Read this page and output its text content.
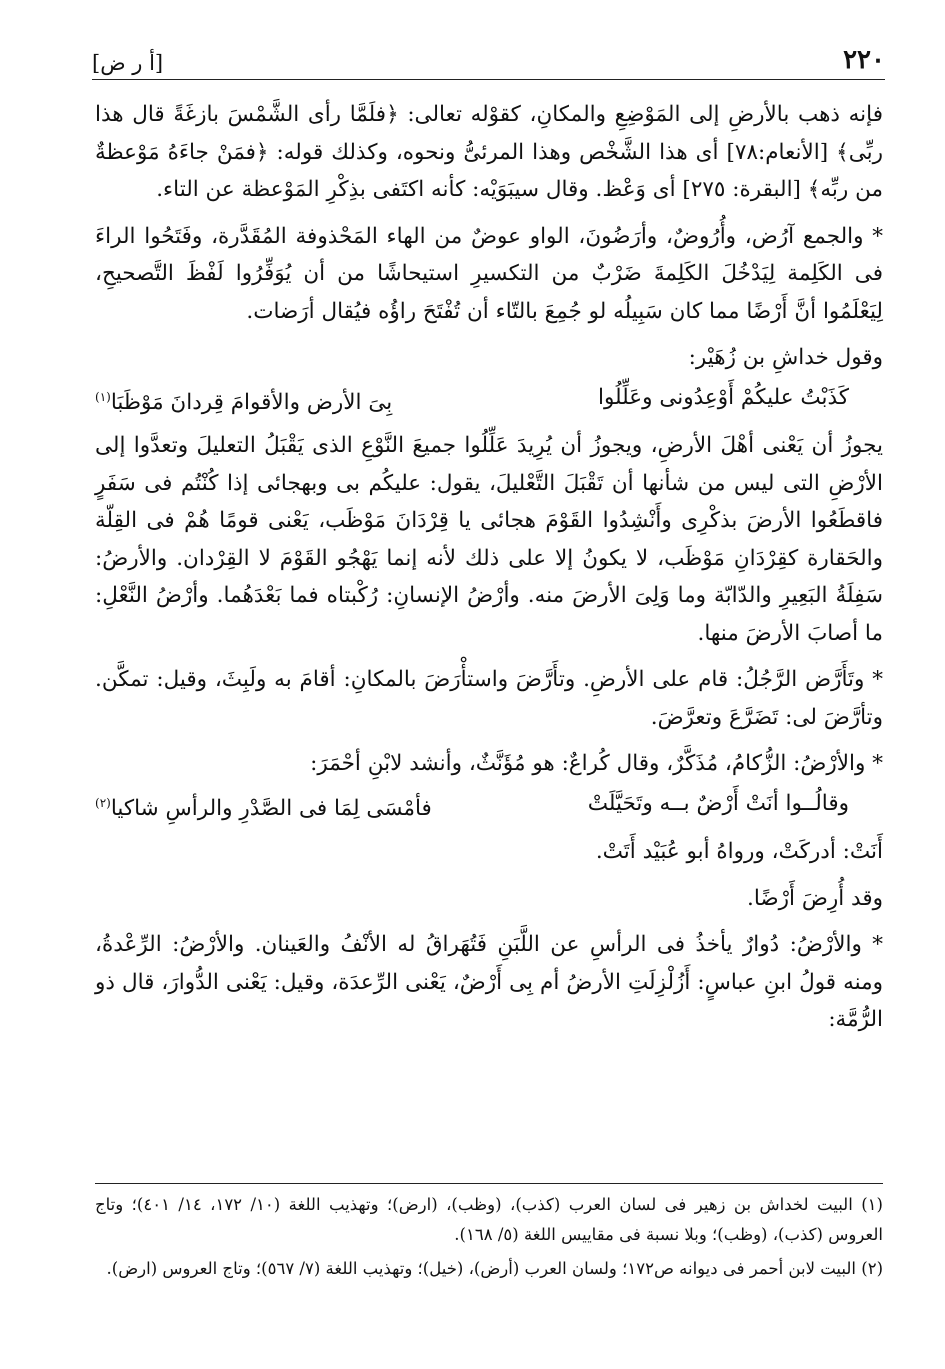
٢٢٠
[أ ر ض]

فإنه ذهب بالأرضِ إلى المَوْضِعِ والمكانِ، كقوْله تعالى: ﴿فلَمَّا رأى الشَّمْسَ بازغَةً قال هذا ربِّى﴾ [الأنعام:٧٨] أى هذا الشَّخْص وهذا المرئىُّ ونحوه، وكذلك قوله: ﴿فمَنْ جاءَهُ مَوْعظةٌ من ربِّه﴾ [البقرة: ٢٧٥] أى وَعْظ. وقال سيبَوَيْه: كأنه اكتَفى بذِكْرِ المَوْعظة عن التاء.

* والجمع آرُض، وأُرُوضٌ، وأرَضُونَ، الواو عوضٌ من الهاء المَحْذوفة المُقَدَّرة، وفَتَحُوا الراءَ فى الكَلِمة لِيَدْخُلَ الكَلِمةَ ضَرْبٌ من التكسيرِ استيحاشًا من أن يُوَفِّرُوا لَفْظَ التَّصحيحِ، لِيَعْلَمُوا أنَّ أَرْضًا مما كان سَبِيلُه لو جُمِعَ بالتّاء أن تُفْتَحَ راؤُه فيُقال أرَضات.

وقول خداشِ بن زُهَيْر:

كَذَبْتُ عليكُمْ أَوْعِدُونى وعَلِّلُوا
بِىَ الأرض والأقوامَ قِردانَ مَوْظَبَا$^{(١)}$

يجوزُ أن يَعْنى أهْلَ الأرضِ، ويجوزُ أن يُرِيدَ عَلِّلُوا جميعَ النَّوْعِ الذى يَقْبَلُ التعليلَ وتعدَّوا إلى الأرْضِ التى ليس من شأنها أن تَقْبَلَ التَّعْليلَ، يقول: عليكُم بى وبهجائى إذا كُنْتُم فى سَفَرٍ فاقطَعُوا الأرضَ بذكْرِى وأَنْشِدُوا القَوْمَ هجائى يا قِرْدَانَ مَوْظَب، يَعْنى قومًا هُمْ فى القِلّة والحَقارة كقِرْدَانِ مَوْظَب، لا يكونُ إلا على ذلك لأنه إنما يَهْجُو القَوْمَ لا القِرْدان. والأرضُ: سَفِلَةُ البَعِيرِ والدّابّة وما وَلِىَ الأرضَ منه. وأرْضُ الإنسانِ: رُكْبتاه فما بَعْدَهُما. وأرْضُ النَّعْلِ: ما أصابَ الأرضَ منها.

* وتَأَرَّض الرَّجُلُ: قام على الأرضِ. وتأَرَّضَ واستأْرَضَ بالمكانِ: أقامَ به ولَبِثَ، وقيل: تمكَّن. وتأرَّضَ لى: تَضَرَّعَ وتعرَّضَ.

* والأرْضُ: الزُّكامُ، مُذَكَّرٌ، وقال كُراعٌ: هو مُؤَنَّثٌ، وأنشد لابْنِ أحْمَرَ:

وقالُــوا أنَتْ أَرْضٌ بــه وتَحَيَّلَتْ
فأمْسَى لِمَا فى الصَّدْرِ والرأسِ شاكيا$^{(٢)}$

أَنَتْ: أدركَتْ، ورواهُ أبو عُبَيْد أَتَتْ.

وقد أُرِضَ أَرْضًا.

* والأرْضُ: دُوارٌ يأخذُ فى الرأسِ عن اللَّبَنِ فَتُهَراقُ له الأنْفُ والعَينان. والأرْضُ: الرِّعْدةُ، ومنه قولُ ابنِ عباسٍ: أَزُلْزِلَتِ الأرضُ أم بِى أَرْضٌ، يَعْنى الرِّعدَة، وقيل: يَعْنى الدُّوارَ، قال ذو الرُّمَّة:

(١) البيت لخداش بن زهير فى لسان العرب (كذب)، (وظب)، (ارض)؛ وتهذيب اللغة (١٠/ ١٧٢، ١٤/ ٤٠١)؛ وتاج العروس (كذب)، (وظب)؛ وبلا نسبة فى مقاييس اللغة (٥/ ١٦٨).

(٢) البيت لابن أحمر فى ديوانه ص١٧٢؛ ولسان العرب (أرض)، (خيل)؛ وتهذيب اللغة (٧/ ٥٦٧)؛ وتاج العروس (ارض).
